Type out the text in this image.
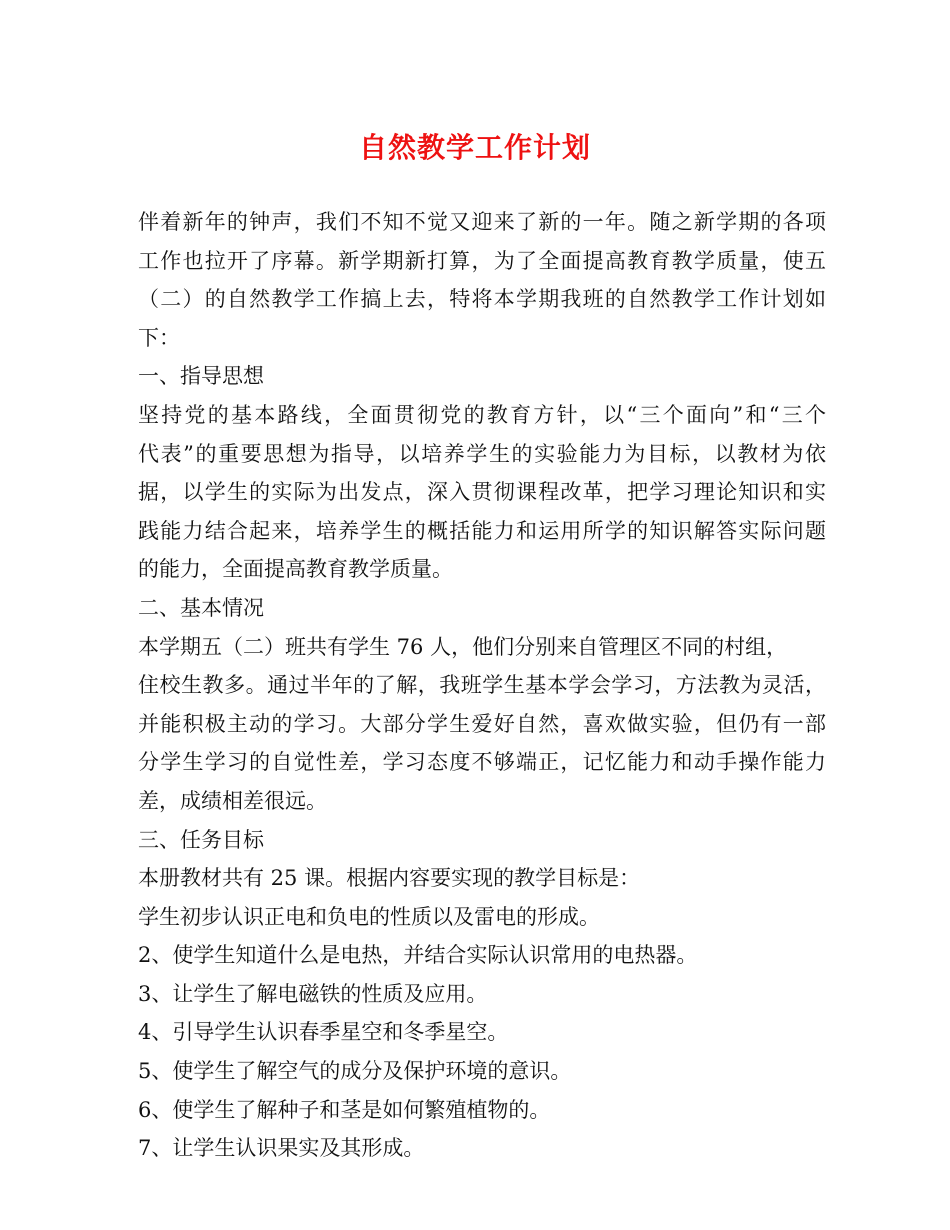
自然教学工作计划

伴着新年的钟声，我们不知不觉又迎来了新的一年。随之新学期的各项

工作也拉开了序幕。新学期新打算，为了全面提高教育教学质量，使五

（二）的自然教学工作搞上去，特将本学期我班的自然教学工作计划如

下：

一、指导思想

坚持党的基本路线，全面贯彻党的教育方针，以“三个面向”和“三个

代表”的重要思想为指导，以培养学生的实验能力为目标，以教材为依

据，以学生的实际为出发点，深入贯彻课程改革，把学习理论知识和实

践能力结合起来，培养学生的概括能力和运用所学的知识解答实际问题

的能力，全面提高教育教学质量。

二、基本情况

本学期五（二）班共有学生 76 人，他们分别来自管理区不同的村组，

住校生教多。通过半年的了解，我班学生基本学会学习，方法教为灵活，

并能积极主动的学习。大部分学生爱好自然，喜欢做实验，但仍有一部

分学生学习的自觉性差，学习态度不够端正，记忆能力和动手操作能力

差，成绩相差很远。

三、任务目标

本册教材共有 25 课。根据内容要实现的教学目标是：

学生初步认识正电和负电的性质以及雷电的形成。

2、使学生知道什么是电热，并结合实际认识常用的电热器。

3、让学生了解电磁铁的性质及应用。

4、引导学生认识春季星空和冬季星空。

5、使学生了解空气的成分及保护环境的意识。

6、使学生了解种子和茎是如何繁殖植物的。

7、让学生认识果实及其形成。
